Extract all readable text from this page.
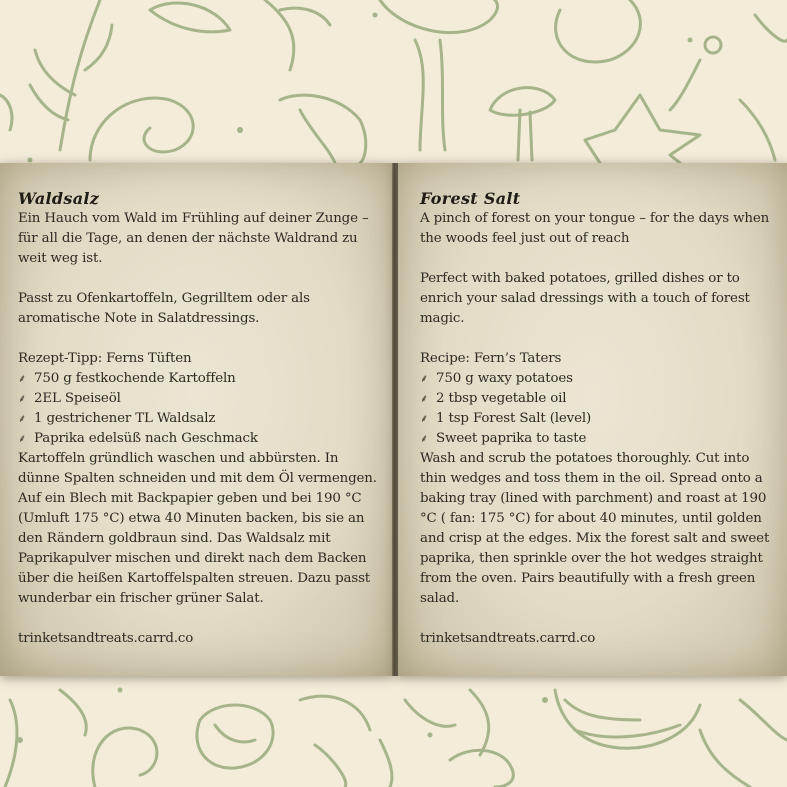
Waldsalz

Ein Hauch vom Wald im Frühling auf deiner Zunge – für all die Tage, an denen der nächste Waldrand zu weit weg ist.

Passt zu Ofenkartoffeln, Gegrilltem oder als aromatische Note in Salatdressings.

Rezept-Tipp: Ferns Tüften

⸙ 750 g festkochende Kartoffeln
⸙ 2EL Speiseöl
⸙ 1 gestrichener TL Waldsalz
⸙ Paprika edelsüß nach Geschmack

Kartoffeln gründlich waschen und abbürsten. In dünne Spalten schneiden und mit dem Öl vermengen. Auf ein Blech mit Backpapier geben und bei 190 °C (Umluft 175 °C) etwa 40 Minuten backen, bis sie an den Rändern goldbraun sind. Das Waldsalz mit Paprikapulver mischen und direkt nach dem Backen über die heißen Kartoffelspalten streuen. Dazu passt wunderbar ein frischer grüner Salat.

trinketsandtreats.carrd.co

Forest Salt

A pinch of forest on your tongue – for the days when the woods feel just out of reach

Perfect with baked potatoes, grilled dishes or to enrich your salad dressings with a touch of forest magic.

Recipe: Fern’s Taters

⸙ 750 g waxy potatoes
⸙ 2 tbsp vegetable oil
⸙ 1 tsp Forest Salt (level)
⸙ Sweet paprika to taste

Wash and scrub the potatoes thoroughly. Cut into thin wedges and toss them in the oil. Spread onto a baking tray (lined with parchment) and roast at 190 °C ( fan: 175 °C) for about 40 minutes, until golden and crisp at the edges. Mix the forest salt and sweet paprika, then sprinkle over the hot wedges straight from the oven. Pairs beautifully with a fresh green salad.

trinketsandtreats.carrd.co
